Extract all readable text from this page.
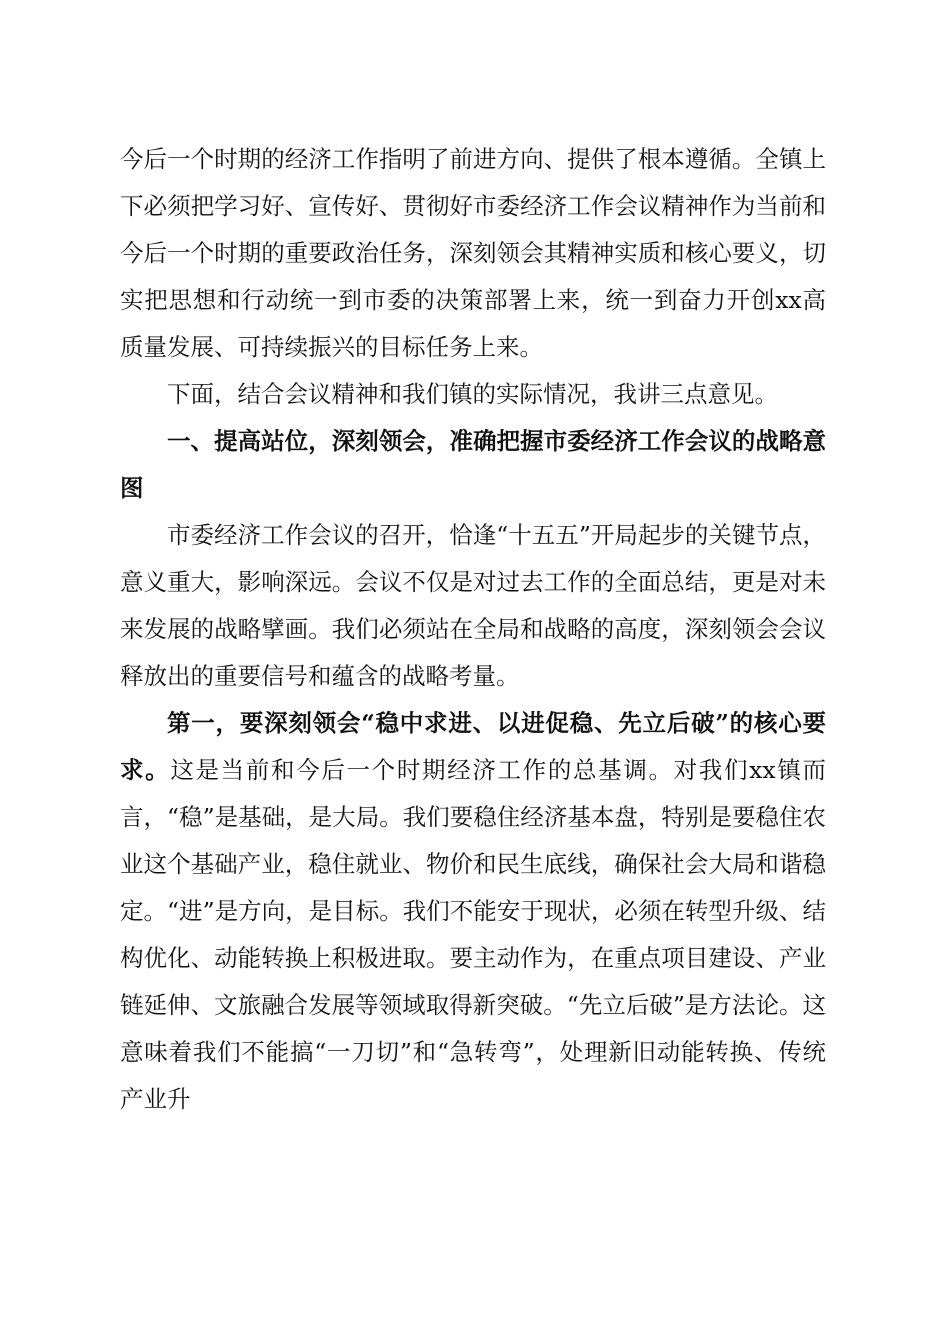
今后一个时期的经济工作指明了前进方向、提供了根本遵循。全镇上下必须把学习好、宣传好、贯彻好市委经济工作会议精神作为当前和今后一个时期的重要政治任务，深刻领会其精神实质和核心要义，切实把思想和行动统一到市委的决策部署上来，统一到奋力开创xx高质量发展、可持续振兴的目标任务上来。

下面，结合会议精神和我们镇的实际情况，我讲三点意见。

一、提高站位，深刻领会，准确把握市委经济工作会议的战略意图

市委经济工作会议的召开，恰逢“十五五”开局起步的关键节点，意义重大，影响深远。会议不仅是对过去工作的全面总结，更是对未来发展的战略擘画。我们必须站在全局和战略的高度，深刻领会会议释放出的重要信号和蕴含的战略考量。

第一，要深刻领会“稳中求进、以进促稳、先立后破”的核心要求。这是当前和今后一个时期经济工作的总基调。对我们xx镇而言，“稳”是基础，是大局。我们要稳住经济基本盘，特别是要稳住农业这个基础产业，稳住就业、物价和民生底线，确保社会大局和谐稳定。“进”是方向，是目标。我们不能安于现状，必须在转型升级、结构优化、动能转换上积极进取。要主动作为，在重点项目建设、产业链延伸、文旅融合发展等领域取得新突破。“先立后破”是方法论。这意味着我们不能搞“一刀切”和“急转弯”，处理新旧动能转换、传统产业升
